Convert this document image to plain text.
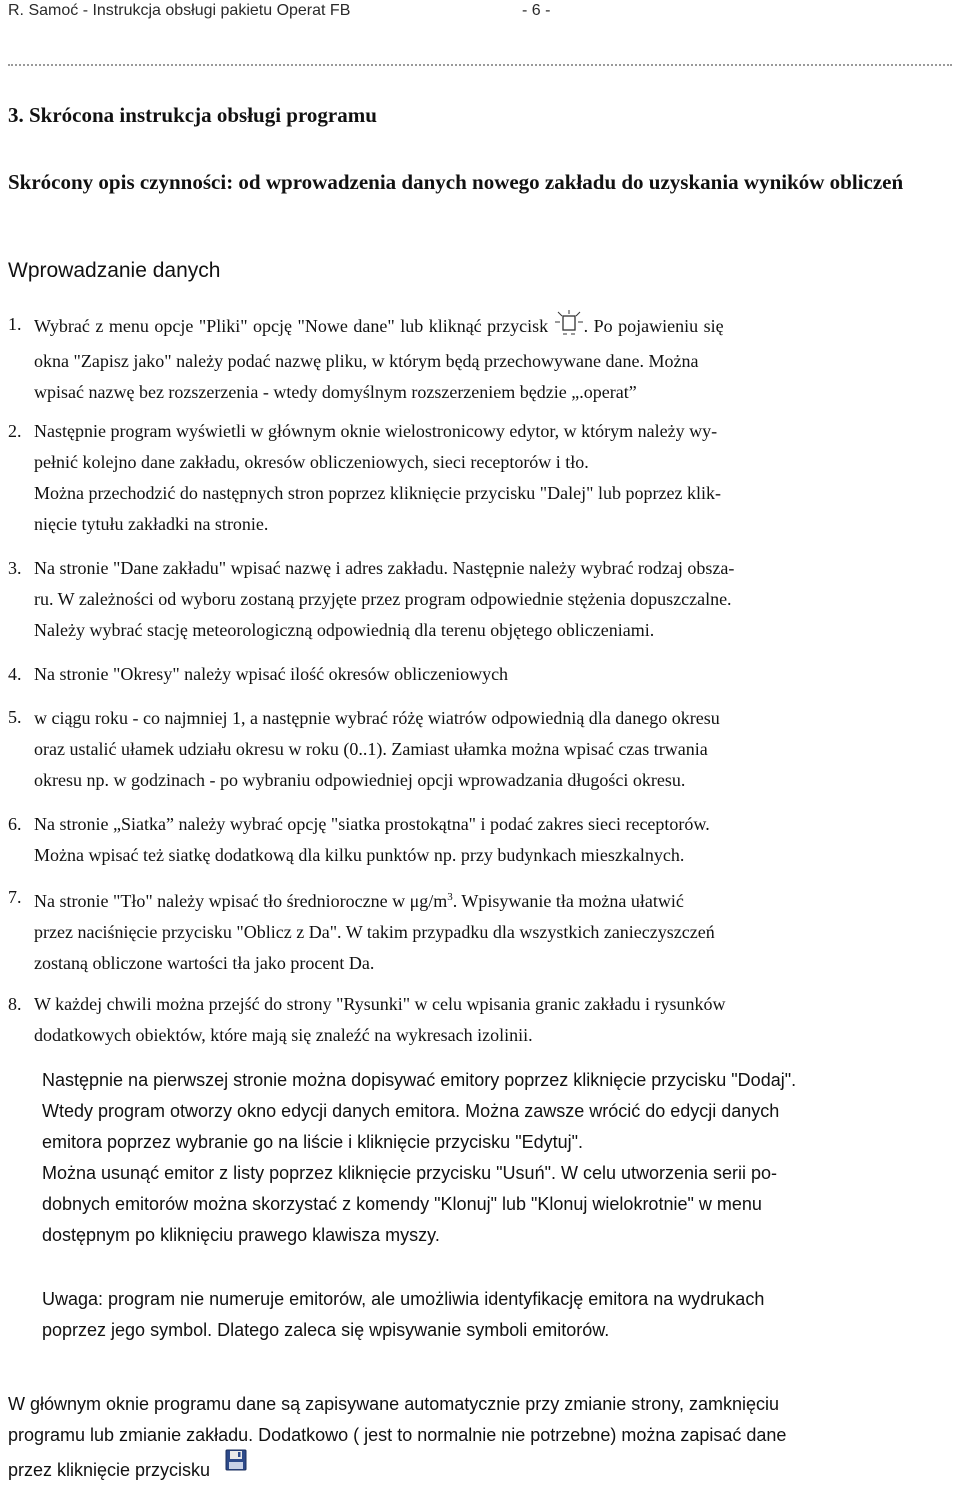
R. Samoć - Instrukcja obsługi pakietu Operat FB	- 6 -
3. Skrócona instrukcja obsługi programu
Skrócony opis czynności: od wprowadzenia danych nowego zakładu do uzyskania wyników obliczeń
Wprowadzanie danych
1. Wybrać z menu opcje "Pliki" opcję "Nowe dane" lub kliknąć przycisk . Po pojawieniu się
okna "Zapisz jako" należy podać nazwę pliku, w którym będą przechowywane dane. Można
wpisać nazwę bez rozszerzenia - wtedy domyślnym rozszerzeniem będzie „.operat”
2. Następnie program wyświetli w głównym oknie wielostronicowy edytor, w którym należy wy-
pełnić kolejno dane zakładu, okresów obliczeniowych, sieci receptorów i tło.
Można przechodzić do następnych stron poprzez kliknięcie przycisku "Dalej" lub poprzez klik-
nięcie tytułu zakładki na stronie.
3. Na stronie "Dane zakładu" wpisać nazwę i adres zakładu. Następnie należy wybrać rodzaj obsza-
ru. W zależności od wyboru zostaną przyjęte przez program odpowiednie stężenia dopuszczalne.
Należy wybrać stację meteorologiczną odpowiednią dla terenu objętego obliczeniami.
4. Na stronie "Okresy" należy wpisać ilość okresów obliczeniowych
5. w ciągu roku - co najmniej 1, a następnie wybrać różę wiatrów odpowiednią dla danego okresu
oraz ustalić ułamek udziału okresu w roku (0..1). Zamiast ułamka można wpisać czas trwania
okresu np. w godzinach - po wybraniu odpowiedniej opcji wprowadzania długości okresu.
6. Na stronie „Siatka” należy wybrać opcję "siatka prostokątna" i podać zakres sieci receptorów.
Można wpisać też siatkę dodatkową dla kilku punktów np. przy budynkach mieszkalnych.
7. Na stronie "Tło" należy wpisać tło średnioroczne w $\mu g/m^3$. Wpisywanie tła można ułatwić
przez naciśnięcie przycisku "Oblicz z Da". W takim przypadku dla wszystkich zanieczyszczeń
zostaną obliczone wartości tła jako procent Da.
8. W każdej chwili można przejść do strony "Rysunki" w celu wpisania granic zakładu i rysunków
dodatkowych obiektów, które mają się znaleźć na wykresach izolinii.
Następnie na pierwszej stronie można dopisywać emitory poprzez kliknięcie przycisku "Dodaj".
Wtedy program otworzy okno edycji danych emitora. Można zawsze wrócić do edycji danych
emitora poprzez wybranie go na liście i kliknięcie przycisku "Edytuj".
Można usunąć emitor z listy poprzez kliknięcie przycisku "Usuń". W celu utworzenia serii po-
dobnych emitorów można skorzystać z komendy "Klonuj" lub "Klonuj wielokrotnie" w menu
dostępnym po kliknięciu prawego klawisza myszy.
Uwaga: program nie numeruje emitorów, ale umożliwia identyfikację emitora na wydrukach
poprzez jego symbol. Dlatego zaleca się wpisywanie symboli emitorów.
W głównym oknie programu dane są zapisywane automatycznie przy zmianie strony, zamknięciu
programu lub zmianie zakładu. Dodatkowo ( jest to normalnie nie potrzebne) można zapisać dane
przez kliknięcie przycisku
